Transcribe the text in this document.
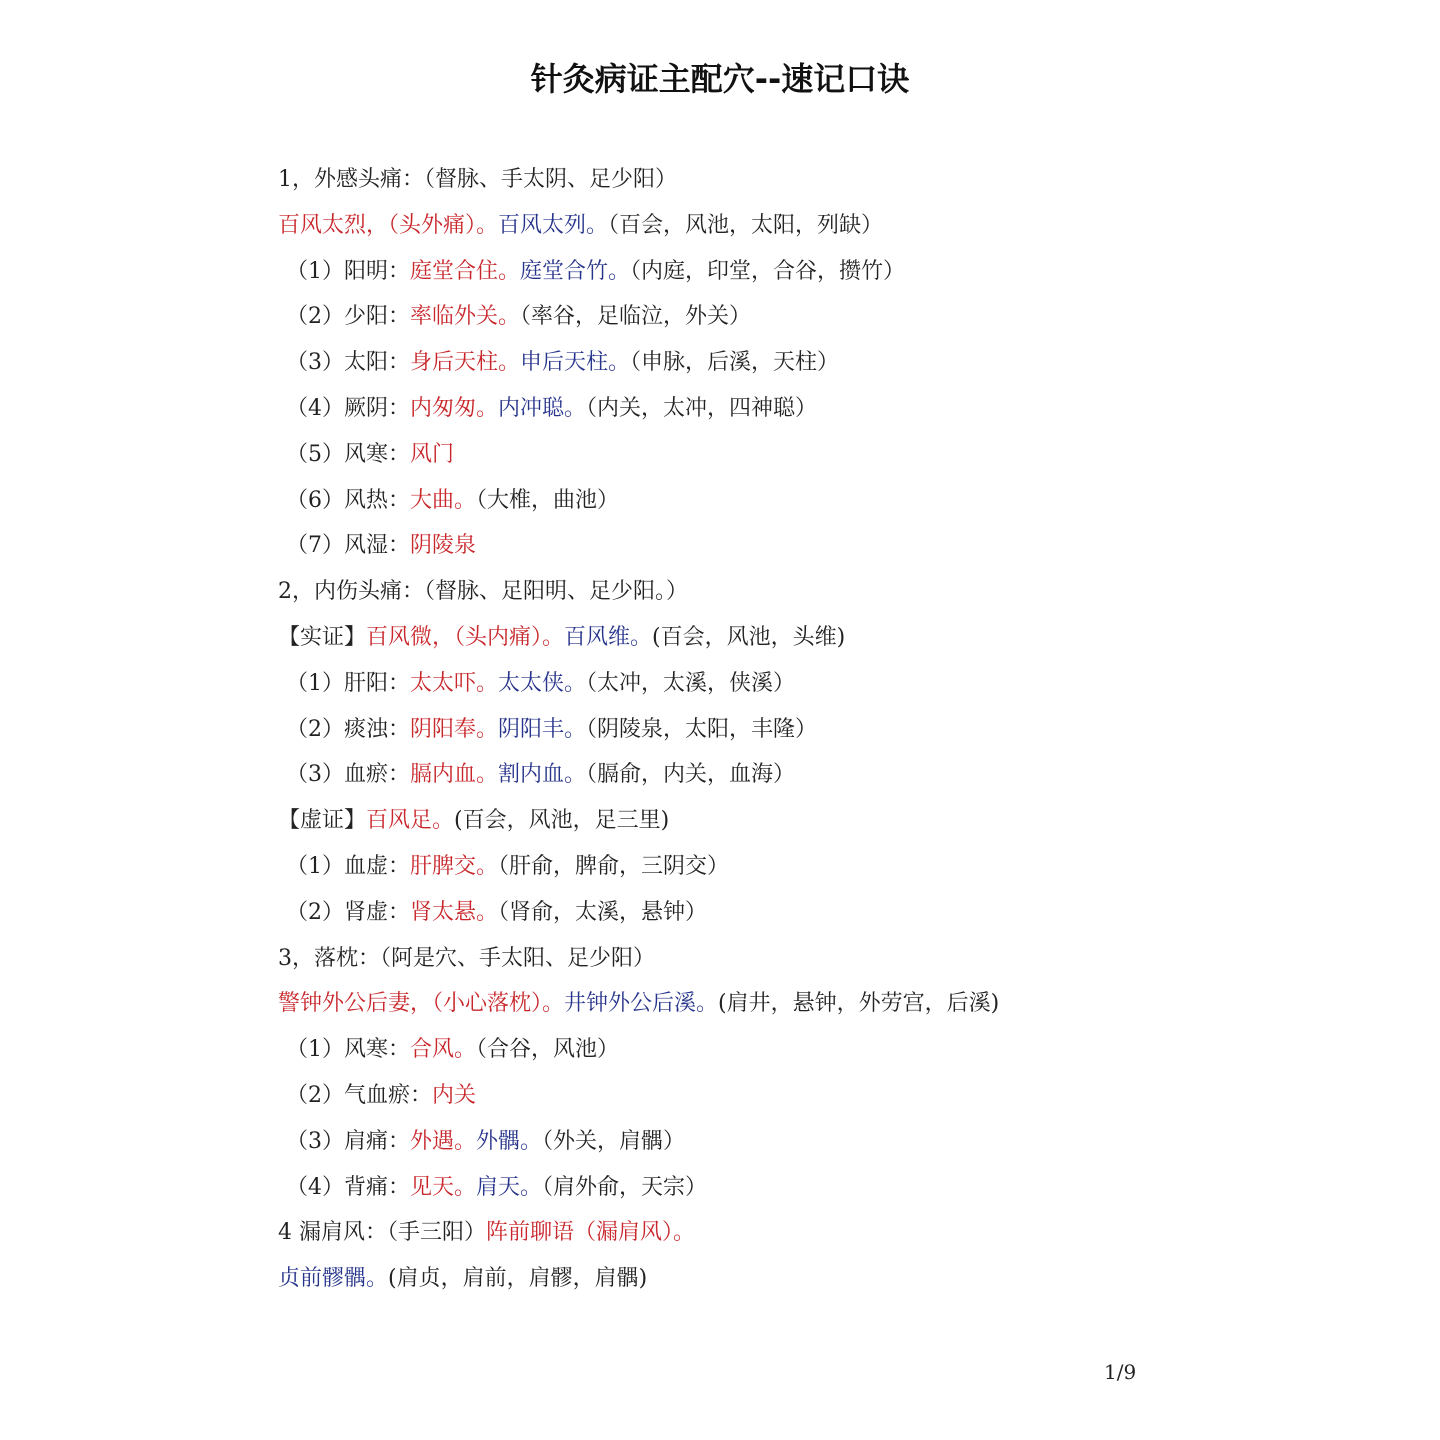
针灸病证主配穴--速记口诀
1，外感头痛：（督脉、手太阴、足少阳）
百风太烈，（头外痛）。百风太列。（百会，风池，太阳，列缺）
（1）阳明：庭堂合住。庭堂合竹。（内庭，印堂，合谷，攒竹）
（2）少阳：率临外关。（率谷，足临泣，外关）
（3）太阳：身后天柱。申后天柱。（申脉，后溪，天柱）
（4）厥阴：内匆匆。内冲聪。（内关，太冲，四神聪）
（5）风寒：风门
（6）风热：大曲。（大椎，曲池）
（7）风湿：阴陵泉
2，内伤头痛：（督脉、足阳明、足少阳。）
【实证】百风微，（头内痛）。百风维。(百会，风池，头维)
（1）肝阳：太太吓。太太侠。（太冲，太溪，侠溪）
（2）痰浊：阴阳奉。阴阳丰。（阴陵泉，太阳，丰隆）
（3）血瘀：膈内血。割内血。（膈俞，内关，血海）
【虚证】百风足。(百会，风池，足三里)
（1）血虚：肝脾交。（肝俞，脾俞，三阴交）
（2）肾虚：肾太悬。（肾俞，太溪，悬钟）
3，落枕：（阿是穴、手太阳、足少阳）
警钟外公后妻，（小心落枕）。井钟外公后溪。(肩井，悬钟，外劳宫，后溪)
（1）风寒：合风。（合谷，风池）
（2）气血瘀：内关
（3）肩痛：外遇。外髃。（外关，肩髃）
（4）背痛：见天。肩天。（肩外俞，天宗）
4 漏肩风：（手三阳）阵前聊语（漏肩风）。
贞前髎髃。(肩贞，肩前，肩髎，肩髃)
1/9
